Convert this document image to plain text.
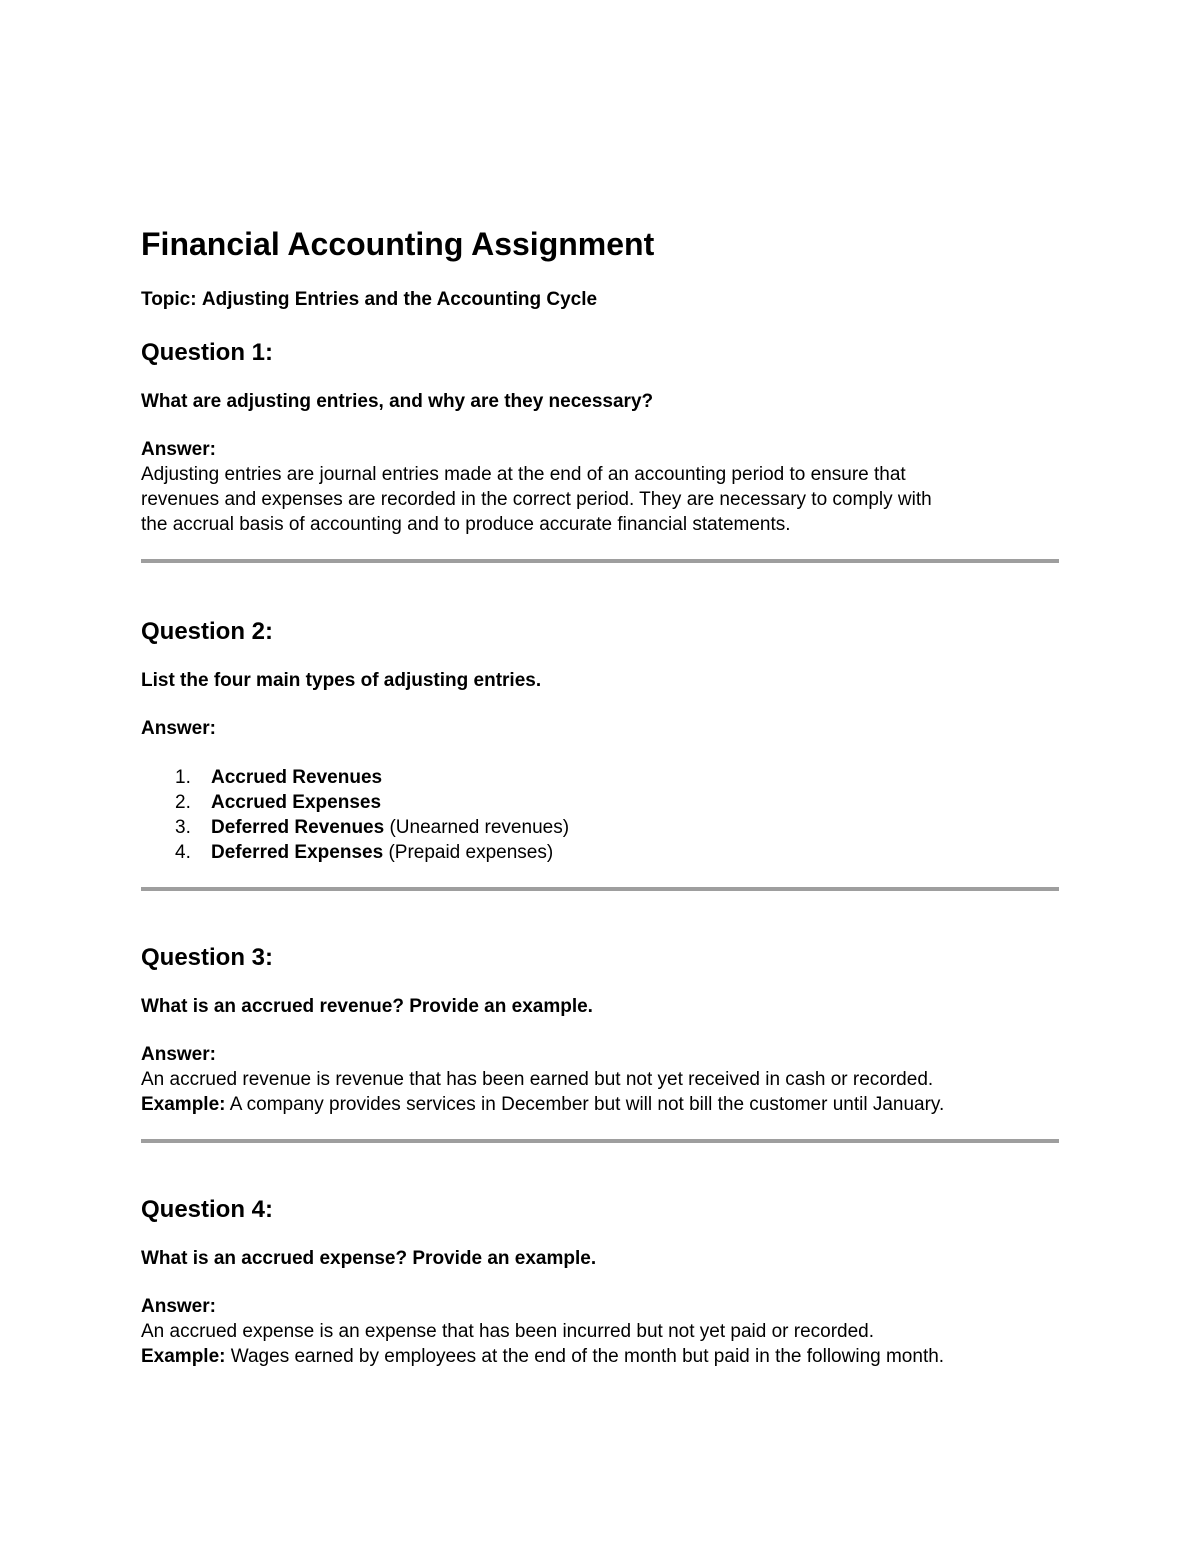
Financial Accounting Assignment
Topic: Adjusting Entries and the Accounting Cycle
Question 1:
What are adjusting entries, and why are they necessary?
Answer:
Adjusting entries are journal entries made at the end of an accounting period to ensure that
revenues and expenses are recorded in the correct period. They are necessary to comply with
the accrual basis of accounting and to produce accurate financial statements.
Question 2:
List the four main types of adjusting entries.
Answer:
1.	Accrued Revenues
2.	Accrued Expenses
3.	Deferred Revenues (Unearned revenues)
4.	Deferred Expenses (Prepaid expenses)
Question 3:
What is an accrued revenue? Provide an example.
Answer:
An accrued revenue is revenue that has been earned but not yet received in cash or recorded.
Example: A company provides services in December but will not bill the customer until January.
Question 4:
What is an accrued expense? Provide an example.
Answer:
An accrued expense is an expense that has been incurred but not yet paid or recorded.
Example: Wages earned by employees at the end of the month but paid in the following month.
